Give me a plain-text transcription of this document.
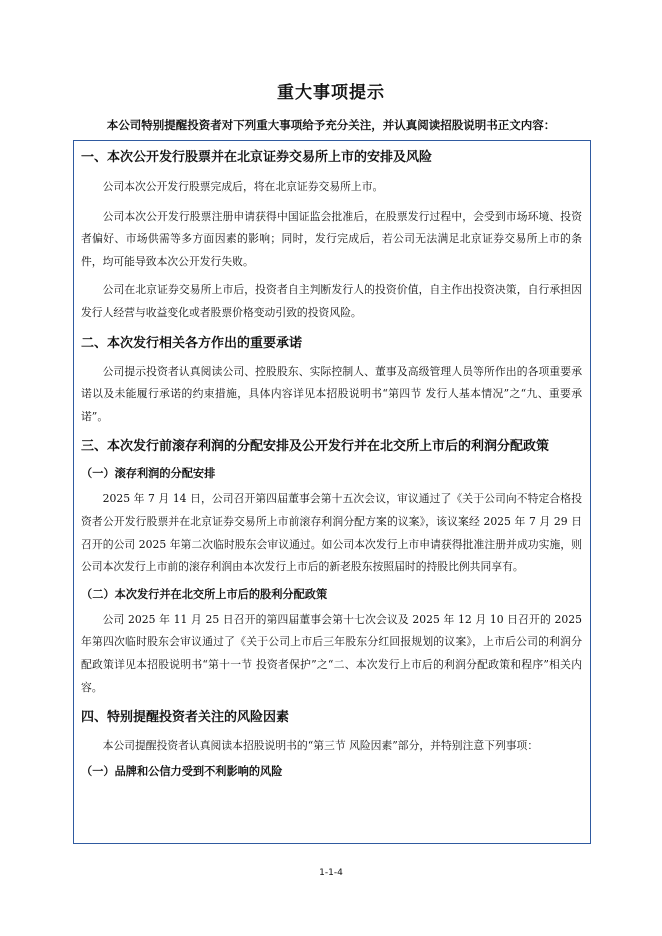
重大事项提示
本公司特别提醒投资者对下列重大事项给予充分关注，并认真阅读招股说明书正文内容：

一、本次公开发行股票并在北京证券交易所上市的安排及风险

公司本次公开发行股票完成后，将在北京证券交易所上市。

公司本次公开发行股票注册申请获得中国证监会批准后，在股票发行过程中，会受到市场环境、投资者偏好、市场供需等多方面因素的影响；同时，发行完成后，若公司无法满足北京证券交易所上市的条件，均可能导致本次公开发行失败。

公司在北京证券交易所上市后，投资者自主判断发行人的投资价值，自主作出投资决策，自行承担因发行人经营与收益变化或者股票价格变动引致的投资风险。

二、本次发行相关各方作出的重要承诺

公司提示投资者认真阅读公司、控股股东、实际控制人、董事及高级管理人员等所作出的各项重要承诺以及未能履行承诺的约束措施，具体内容详见本招股说明书“第四节 发行人基本情况”之“九、重要承诺”。

三、本次发行前滚存利润的分配安排及公开发行并在北交所上市后的利润分配政策

（一）滚存利润的分配安排

2025 年 7 月 14 日，公司召开第四届董事会第十五次会议，审议通过了《关于公司向不特定合格投资者公开发行股票并在北京证券交易所上市前滚存利润分配方案的议案》，该议案经 2025 年 7 月 29 日召开的公司 2025 年第二次临时股东会审议通过。如公司本次发行上市申请获得批准注册并成功实施，则公司本次发行上市前的滚存利润由本次发行上市后的新老股东按照届时的持股比例共同享有。

（二）本次发行并在北交所上市后的股利分配政策

公司 2025 年 11 月 25 日召开的第四届董事会第十七次会议及 2025 年 12 月 10 日召开的 2025 年第四次临时股东会审议通过了《关于公司上市后三年股东分红回报规划的议案》，上市后公司的利润分配政策详见本招股说明书“第十一节 投资者保护”之“二、本次发行上市后的利润分配政策和程序”相关内容。

四、特别提醒投资者关注的风险因素

本公司提醒投资者认真阅读本招股说明书的“第三节 风险因素”部分，并特别注意下列事项：

（一）品牌和公信力受到不利影响的风险

1-1-4
